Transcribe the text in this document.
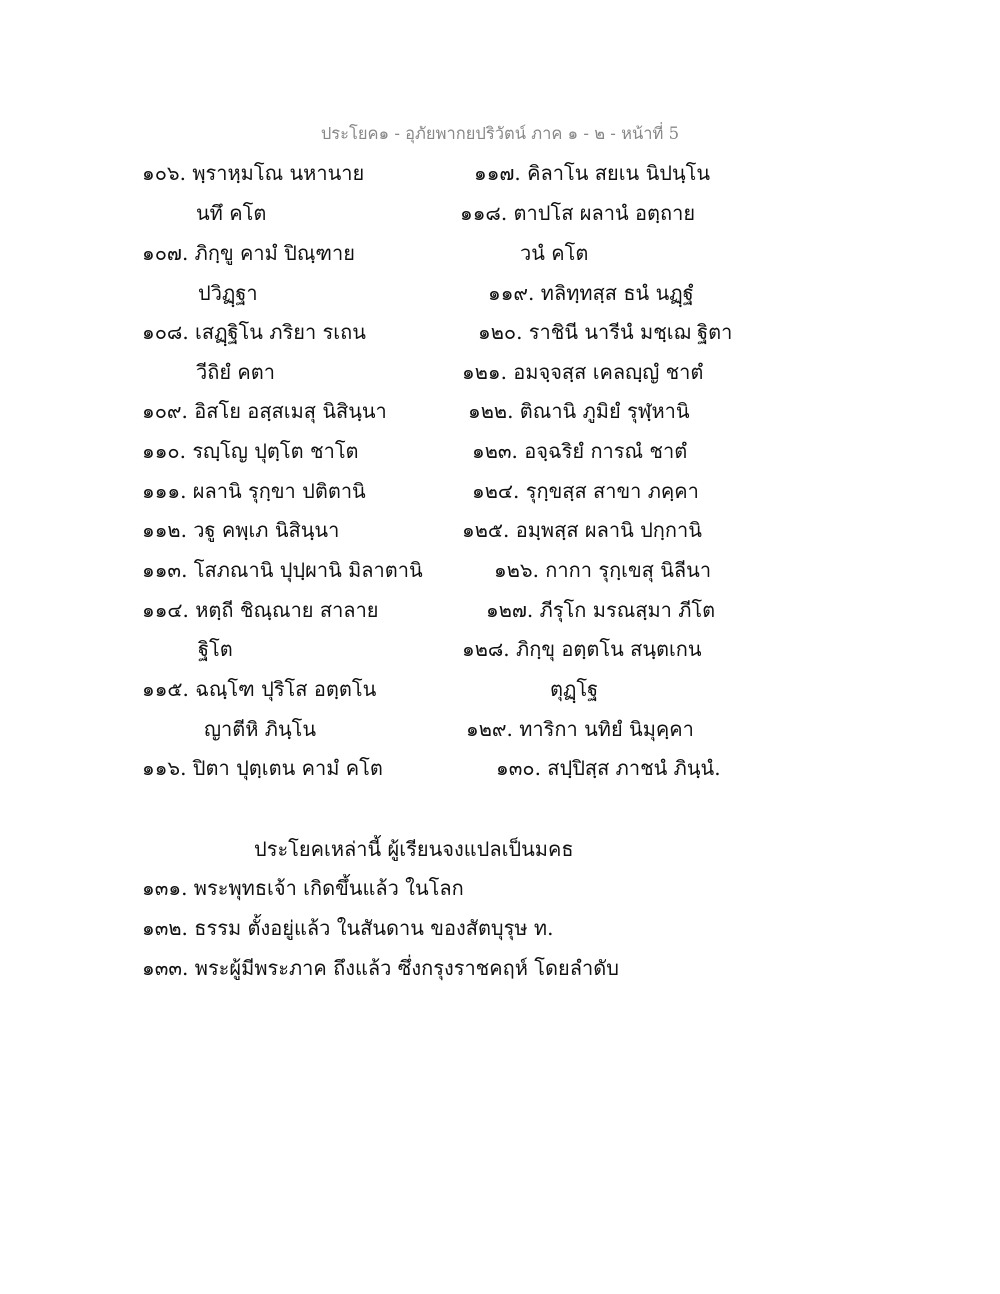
ประโยค๑ - อุภัยพากยปริวัตน์ ภาค ๑ - ๒ - หน้าที่ 5
๑๐๖. พฺราหฺมโณ นหานาย	๑๑๗. คิลาโน สยเน นิปนฺโน
นทึ คโต	๑๑๘. ตาปโส ผลานํ อตฺถาย
๑๐๗. ภิกฺขู คามํ ปิณฺฑาย	วนํ คโต
ปวิฏฺฐา	๑๑๙. ทลิทฺทสฺส ธนํ นฏฺฐํ
๑๐๘. เสฏฺฐิโน ภริยา รเถน	๑๒๐. ราชินี นารีนํ มชฺเฌ ฐิตา
วีถิยํ คตา	๑๒๑. อมจฺจสฺส เคลญฺญํ ชาตํ
๑๐๙. อิสโย อสฺสเมสุ นิสินฺนา	๑๒๒. ติณานิ ภูมิยํ รุฬฺหานิ
๑๑๐. รญฺโญ ปุตฺโต ชาโต	๑๒๓. อจฺฉริยํ การณํ ชาตํ
๑๑๑. ผลานิ รุกฺขา ปติตานิ	๑๒๔. รุกฺขสฺส สาขา ภคฺคา
๑๑๒. วฐู คพฺเภ นิสินฺนา	๑๒๕. อมฺพสฺส ผลานิ ปกฺกานิ
๑๑๓. โสภณานิ ปุปฺผานิ มิลาตานิ	๑๒๖. กากา รุกฺเขสุ นิลีนา
๑๑๔. หตฺถี ชิณฺณาย สาลาย	๑๒๗. ภีรุโก มรณสฺมา ภีโต
ฐิโต	๑๒๘. ภิกฺขุ อตฺตโน สนฺตเกน
๑๑๕. ฉณฺโฑ ปุริโส อตฺตโน	ตุฏฺโฐ
ญาตีหิ ภินฺโน	๑๒๙. ทาริกา นทิยํ นิมุคฺคา
๑๑๖. ปิตา ปุตฺเตน คามํ คโต	๑๓๐. สปฺปิสฺส ภาชนํ ภินฺนํ.
ประโยคเหล่านี้ ผู้เรียนจงแปลเป็นมคธ
๑๓๑. พระพุทธเจ้า เกิดขึ้นแล้ว ในโลก
๑๓๒. ธรรม ตั้งอยู่แล้ว ในสันดาน ของสัตบุรุษ ท.
๑๓๓. พระผู้มีพระภาค ถึงแล้ว ซึ่งกรุงราชคฤห์ โดยลำดับ
